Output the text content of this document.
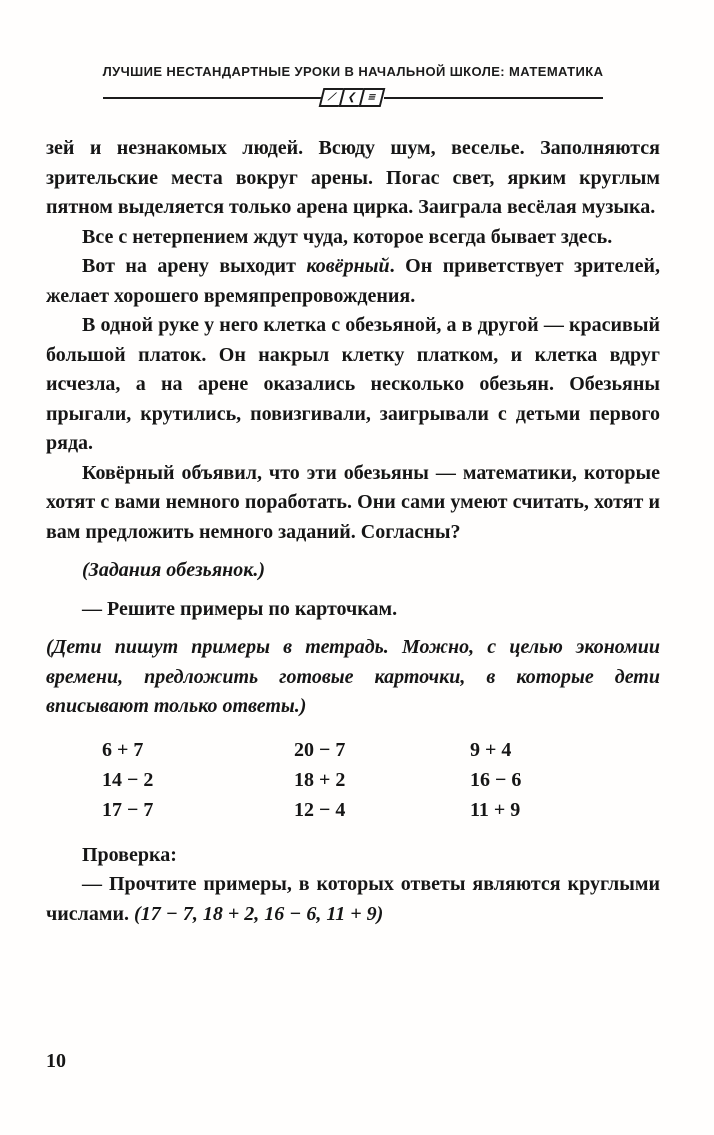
ЛУЧШИЕ НЕСТАНДАРТНЫЕ УРОКИ В НАЧАЛЬНОЙ ШКОЛЕ: МАТЕМАТИКА
⟋ ❮ ≡

зей и незнакомых людей. Всюду шум, веселье. Заполняются зрительские места вокруг арены. Погас свет, ярким круглым пятном выделяется только арена цирка. Заиграла весёлая музыка.

Все с нетерпением ждут чуда, которое всегда бывает здесь.

Вот на арену выходит ковёрный. Он приветствует зрителей, желает хорошего времяпрепровождения.

В одной руке у него клетка с обезьяной, а в другой — красивый большой платок. Он накрыл клетку платком, и клетка вдруг исчезла, а на арене оказались несколько обезьян. Обезьяны прыгали, крутились, повизгивали, заигрывали с детьми первого ряда.

Ковёрный объявил, что эти обезьяны — математики, которые хотят с вами немного поработать. Они сами умеют считать, хотят и вам предложить немного заданий. Согласны?

(Задания обезьянок.)

— Решите примеры по карточкам.

(Дети пишут примеры в тетрадь. Можно, с целью экономии времени, предложить готовые карточки, в которые дети вписывают только ответы.)

6 + 7	20 − 7	9 + 4
14 − 2	18 + 2	16 − 6
17 − 7	12 − 4	11 + 9

Проверка:

— Прочтите примеры, в которых ответы являются круглыми числами. (17 − 7, 18 + 2, 16 − 6, 11 + 9)

10
